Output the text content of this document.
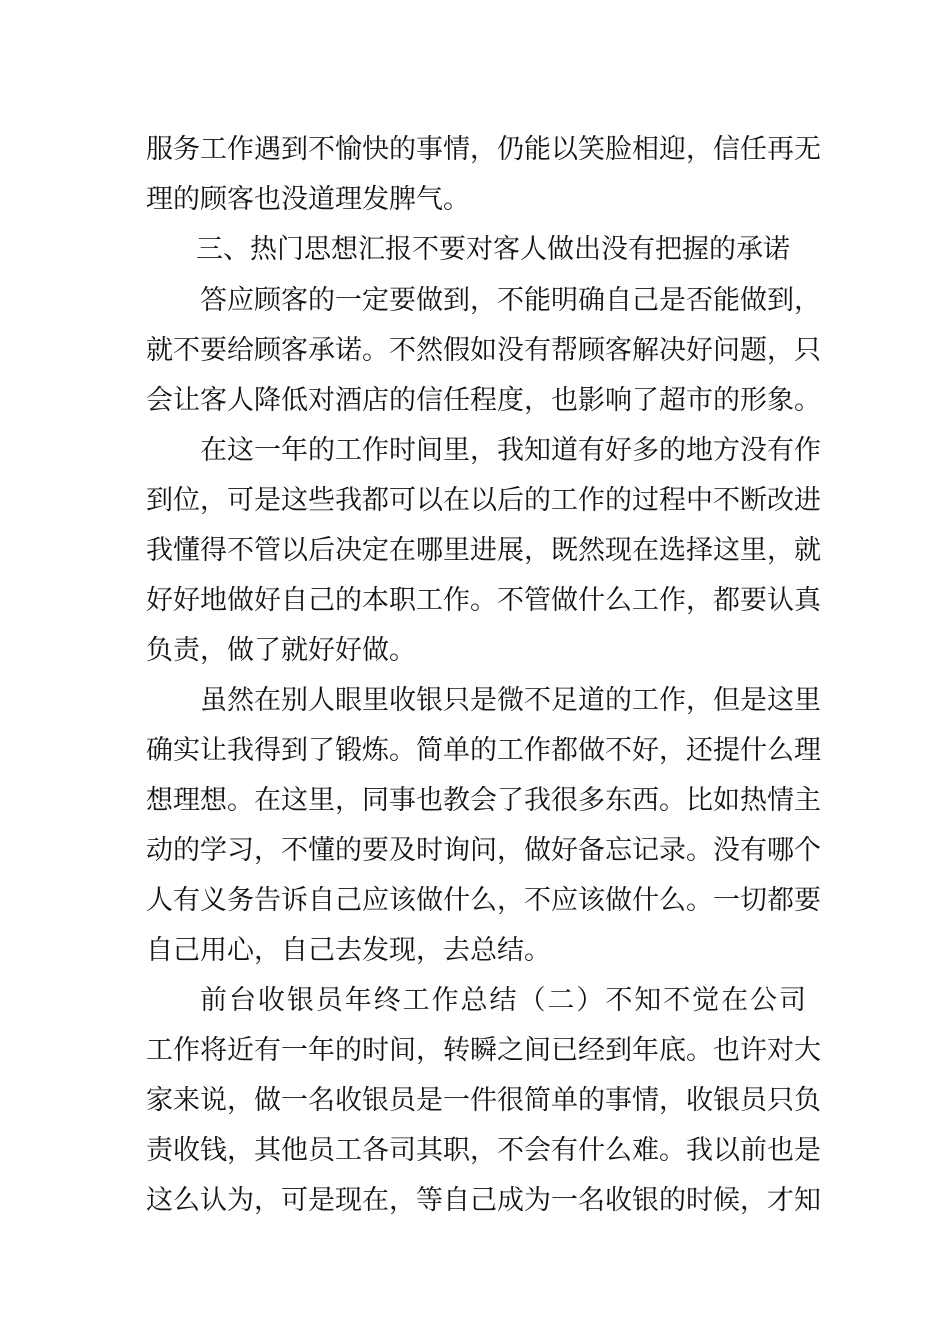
服务工作遇到不愉快的事情，仍能以笑脸相迎，信任再无
理的顾客也没道理发脾气。
三、热门思想汇报不要对客人做出没有把握的承诺
答应顾客的一定要做到，不能明确自己是否能做到，
就不要给顾客承诺。不然假如没有帮顾客解决好问题，只
会让客人降低对酒店的信任程度，也影响了超市的形象。
在这一年的工作时间里，我知道有好多的地方没有作
到位，可是这些我都可以在以后的工作的过程中不断改进
我懂得不管以后决定在哪里进展，既然现在选择这里，就
好好地做好自己的本职工作。不管做什么工作，都要认真
负责，做了就好好做。
虽然在别人眼里收银只是微不足道的工作，但是这里
确实让我得到了锻炼。简单的工作都做不好，还提什么理
想理想。在这里，同事也教会了我很多东西。比如热情主
动的学习，不懂的要及时询问，做好备忘记录。没有哪个
人有义务告诉自己应该做什么，不应该做什么。一切都要
自己用心，自己去发现，去总结。
前台收银员年终工作总结（二）不知不觉在公司
工作将近有一年的时间，转瞬之间已经到年底。也许对大
家来说，做一名收银员是一件很简单的事情，收银员只负
责收钱，其他员工各司其职，不会有什么难。我以前也是
这么认为，可是现在，等自己成为一名收银的时候，才知
